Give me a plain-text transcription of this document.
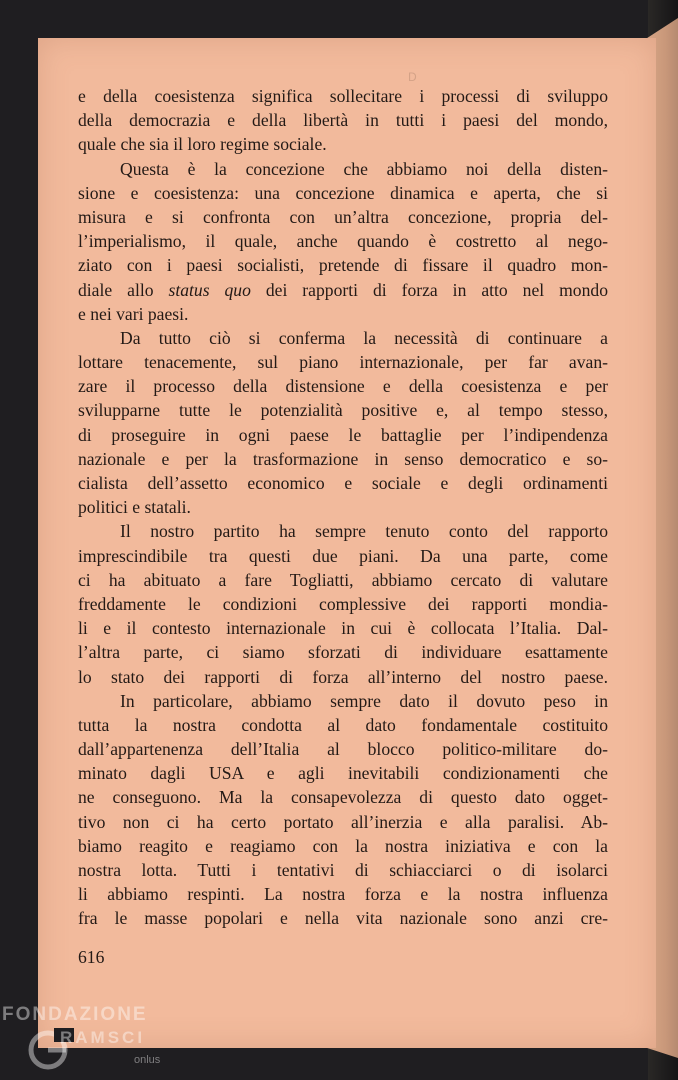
D
e della coesistenza significa sollecitare i processi di sviluppo
della democrazia e della libertà in tutti i paesi del mondo,
quale che sia il loro regime sociale.
Questa è la concezione che abbiamo noi della disten-
sione e coesistenza: una concezione dinamica e aperta, che si
misura e si confronta con un’altra concezione, propria del-
l’imperialismo, il quale, anche quando è costretto al nego-
ziato con i paesi socialisti, pretende di fissare il quadro mon-
diale allo status quo dei rapporti di forza in atto nel mondo
e nei vari paesi.
Da tutto ciò si conferma la necessità di continuare a
lottare tenacemente, sul piano internazionale, per far avan-
zare il processo della distensione e della coesistenza e per
svilupparne tutte le potenzialità positive e, al tempo stesso,
di proseguire in ogni paese le battaglie per l’indipendenza
nazionale e per la trasformazione in senso democratico e so-
cialista dell’assetto economico e sociale e degli ordinamenti
politici e statali.
Il nostro partito ha sempre tenuto conto del rapporto
imprescindibile tra questi due piani. Da una parte, come
ci ha abituato a fare Togliatti, abbiamo cercato di valutare
freddamente le condizioni complessive dei rapporti mondia-
li e il contesto internazionale in cui è collocata l’Italia. Dal-
l’altra parte, ci siamo sforzati di individuare esattamente
lo stato dei rapporti di forza all’interno del nostro paese.
In particolare, abbiamo sempre dato il dovuto peso in
tutta la nostra condotta al dato fondamentale costituito
dall’appartenenza dell’Italia al blocco politico-militare do-
minato dagli USA e agli inevitabili condizionamenti che
ne conseguono. Ma la consapevolezza di questo dato ogget-
tivo non ci ha certo portato all’inerzia e alla paralisi. Ab-
biamo reagito e reagiamo con la nostra iniziativa e con la
nostra lotta. Tutti i tentativi di schiacciarci o di isolarci
li abbiamo respinti. La nostra forza e la nostra influenza
fra le masse popolari e nella vita nazionale sono anzi cre-
616
FONDAZIONE
RAMSCI
onlus
